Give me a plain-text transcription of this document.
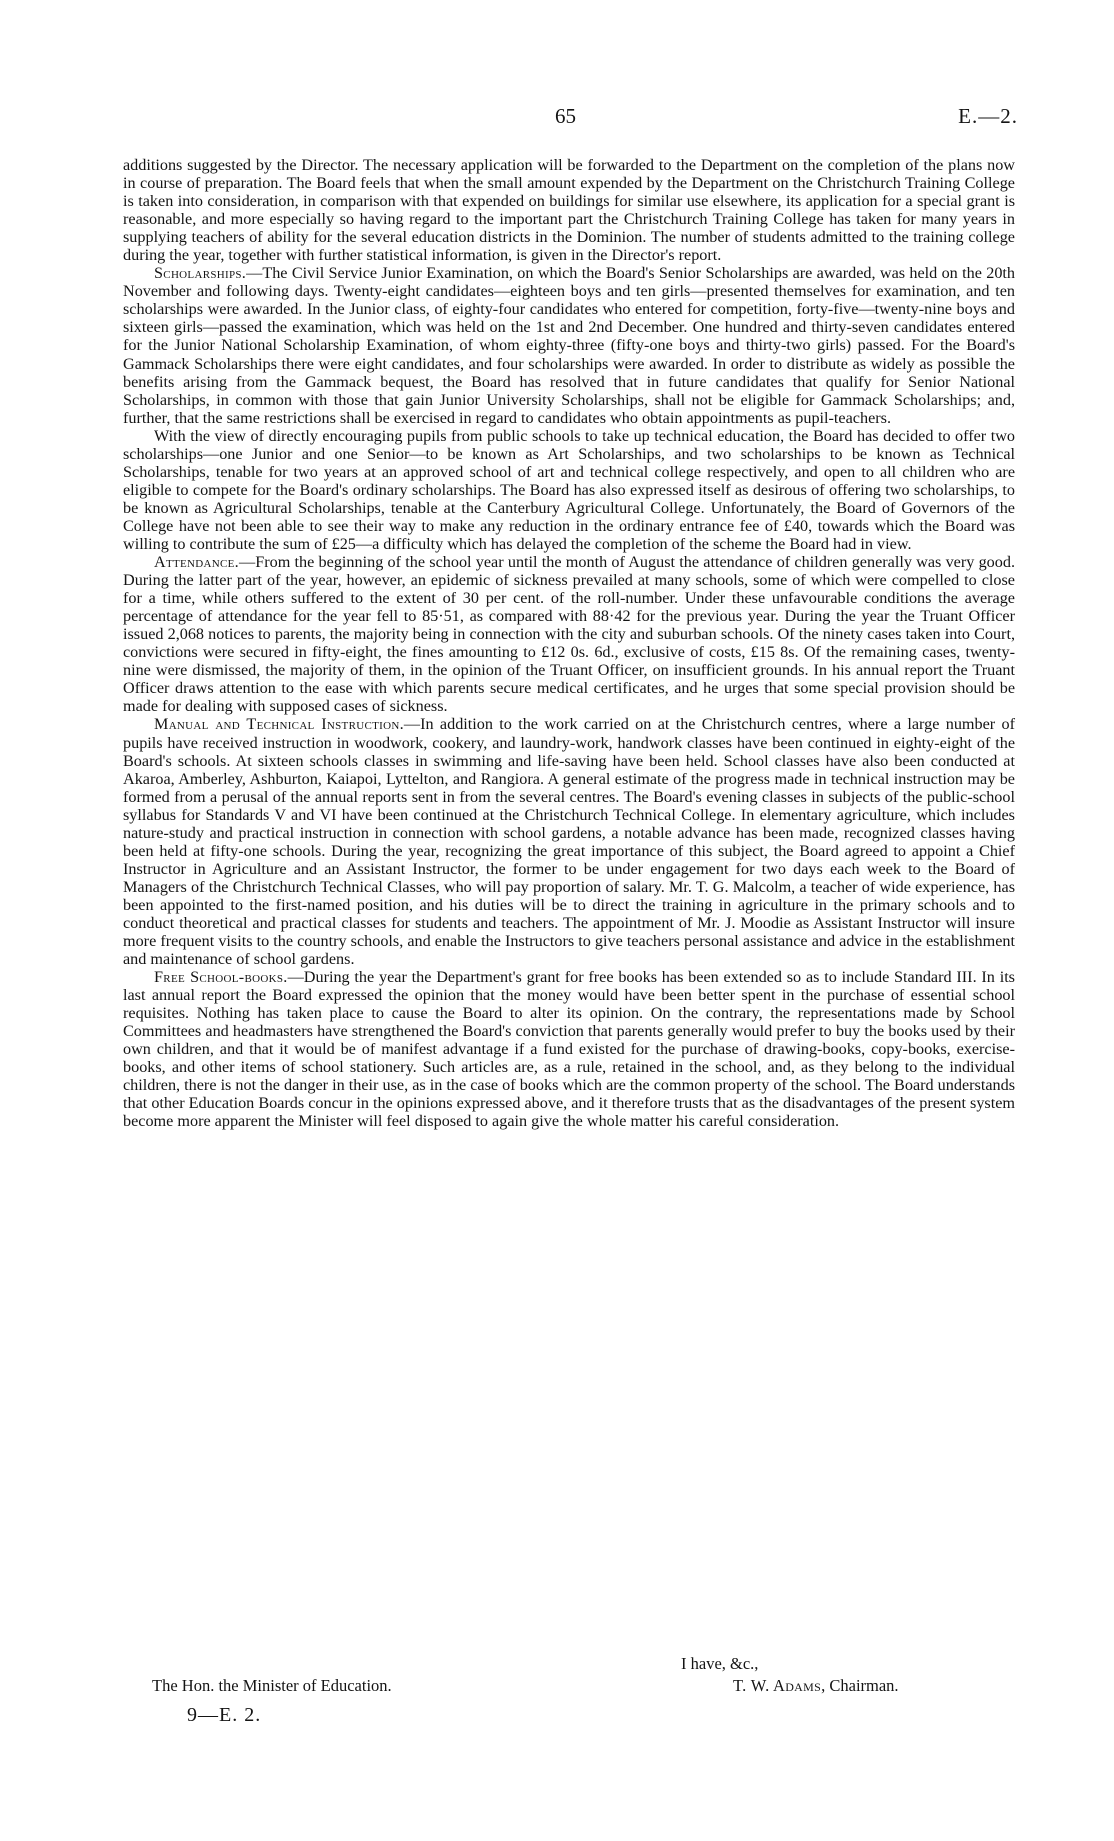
65	E.—2.

additions suggested by the Director. The necessary application will be forwarded to the Department on the completion of the plans now in course of preparation. The Board feels that when the small amount expended by the Department on the Christchurch Training College is taken into consideration, in comparison with that expended on buildings for similar use elsewhere, its application for a special grant is reasonable, and more especially so having regard to the important part the Christchurch Training College has taken for many years in supplying teachers of ability for the several education districts in the Dominion. The number of students admitted to the training college during the year, together with further statistical information, is given in the Director's report.

Scholarships.—The Civil Service Junior Examination, on which the Board's Senior Scholarships are awarded, was held on the 20th November and following days. Twenty-eight candidates—eighteen boys and ten girls—presented themselves for examination, and ten scholarships were awarded. In the Junior class, of eighty-four candidates who entered for competition, forty-five—twenty-nine boys and sixteen girls—passed the examination, which was held on the 1st and 2nd December. One hundred and thirty-seven candidates entered for the Junior National Scholarship Examination, of whom eighty-three (fifty-one boys and thirty-two girls) passed. For the Board's Gammack Scholarships there were eight candidates, and four scholarships were awarded. In order to distribute as widely as possible the benefits arising from the Gammack bequest, the Board has resolved that in future candidates that qualify for Senior National Scholarships, in common with those that gain Junior University Scholarships, shall not be eligible for Gammack Scholarships; and, further, that the same restrictions shall be exercised in regard to candidates who obtain appointments as pupil-teachers.

With the view of directly encouraging pupils from public schools to take up technical education, the Board has decided to offer two scholarships—one Junior and one Senior—to be known as Art Scholarships, and two scholarships to be known as Technical Scholarships, tenable for two years at an approved school of art and technical college respectively, and open to all children who are eligible to compete for the Board's ordinary scholarships. The Board has also expressed itself as desirous of offering two scholarships, to be known as Agricultural Scholarships, tenable at the Canterbury Agricultural College. Unfortunately, the Board of Governors of the College have not been able to see their way to make any reduction in the ordinary entrance fee of £40, towards which the Board was willing to contribute the sum of £25—a difficulty which has delayed the completion of the scheme the Board had in view.

Attendance.—From the beginning of the school year until the month of August the attendance of children generally was very good. During the latter part of the year, however, an epidemic of sickness prevailed at many schools, some of which were compelled to close for a time, while others suffered to the extent of 30 per cent. of the roll-number. Under these unfavourable conditions the average percentage of attendance for the year fell to 85·51, as compared with 88·42 for the previous year. During the year the Truant Officer issued 2,068 notices to parents, the majority being in connection with the city and suburban schools. Of the ninety cases taken into Court, convictions were secured in fifty-eight, the fines amounting to £12 0s. 6d., exclusive of costs, £15 8s. Of the remaining cases, twenty-nine were dismissed, the majority of them, in the opinion of the Truant Officer, on insufficient grounds. In his annual report the Truant Officer draws attention to the ease with which parents secure medical certificates, and he urges that some special provision should be made for dealing with supposed cases of sickness.

Manual and Technical Instruction.—In addition to the work carried on at the Christchurch centres, where a large number of pupils have received instruction in woodwork, cookery, and laundry-work, handwork classes have been continued in eighty-eight of the Board's schools. At sixteen schools classes in swimming and life-saving have been held. School classes have also been conducted at Akaroa, Amberley, Ashburton, Kaiapoi, Lyttelton, and Rangiora. A general estimate of the progress made in technical instruction may be formed from a perusal of the annual reports sent in from the several centres. The Board's evening classes in subjects of the public-school syllabus for Standards V and VI have been continued at the Christchurch Technical College. In elementary agriculture, which includes nature-study and practical instruction in connection with school gardens, a notable advance has been made, recognized classes having been held at fifty-one schools. During the year, recognizing the great importance of this subject, the Board agreed to appoint a Chief Instructor in Agriculture and an Assistant Instructor, the former to be under engagement for two days each week to the Board of Managers of the Christchurch Technical Classes, who will pay proportion of salary. Mr. T. G. Malcolm, a teacher of wide experience, has been appointed to the first-named position, and his duties will be to direct the training in agriculture in the primary schools and to conduct theoretical and practical classes for students and teachers. The appointment of Mr. J. Moodie as Assistant Instructor will insure more frequent visits to the country schools, and enable the Instructors to give teachers personal assistance and advice in the establishment and maintenance of school gardens.

Free School-books.—During the year the Department's grant for free books has been extended so as to include Standard III. In its last annual report the Board expressed the opinion that the money would have been better spent in the purchase of essential school requisites. Nothing has taken place to cause the Board to alter its opinion. On the contrary, the representations made by School Committees and headmasters have strengthened the Board's conviction that parents generally would prefer to buy the books used by their own children, and that it would be of manifest advantage if a fund existed for the purchase of drawing-books, copy-books, exercise-books, and other items of school stationery. Such articles are, as a rule, retained in the school, and, as they belong to the individual children, there is not the danger in their use, as in the case of books which are the common property of the school. The Board understands that other Education Boards concur in the opinions expressed above, and it therefore trusts that as the disadvantages of the present system become more apparent the Minister will feel disposed to again give the whole matter his careful consideration.

I have, &c.,
The Hon. the Minister of Education.	T. W. Adams, Chairman.
9—E. 2.
